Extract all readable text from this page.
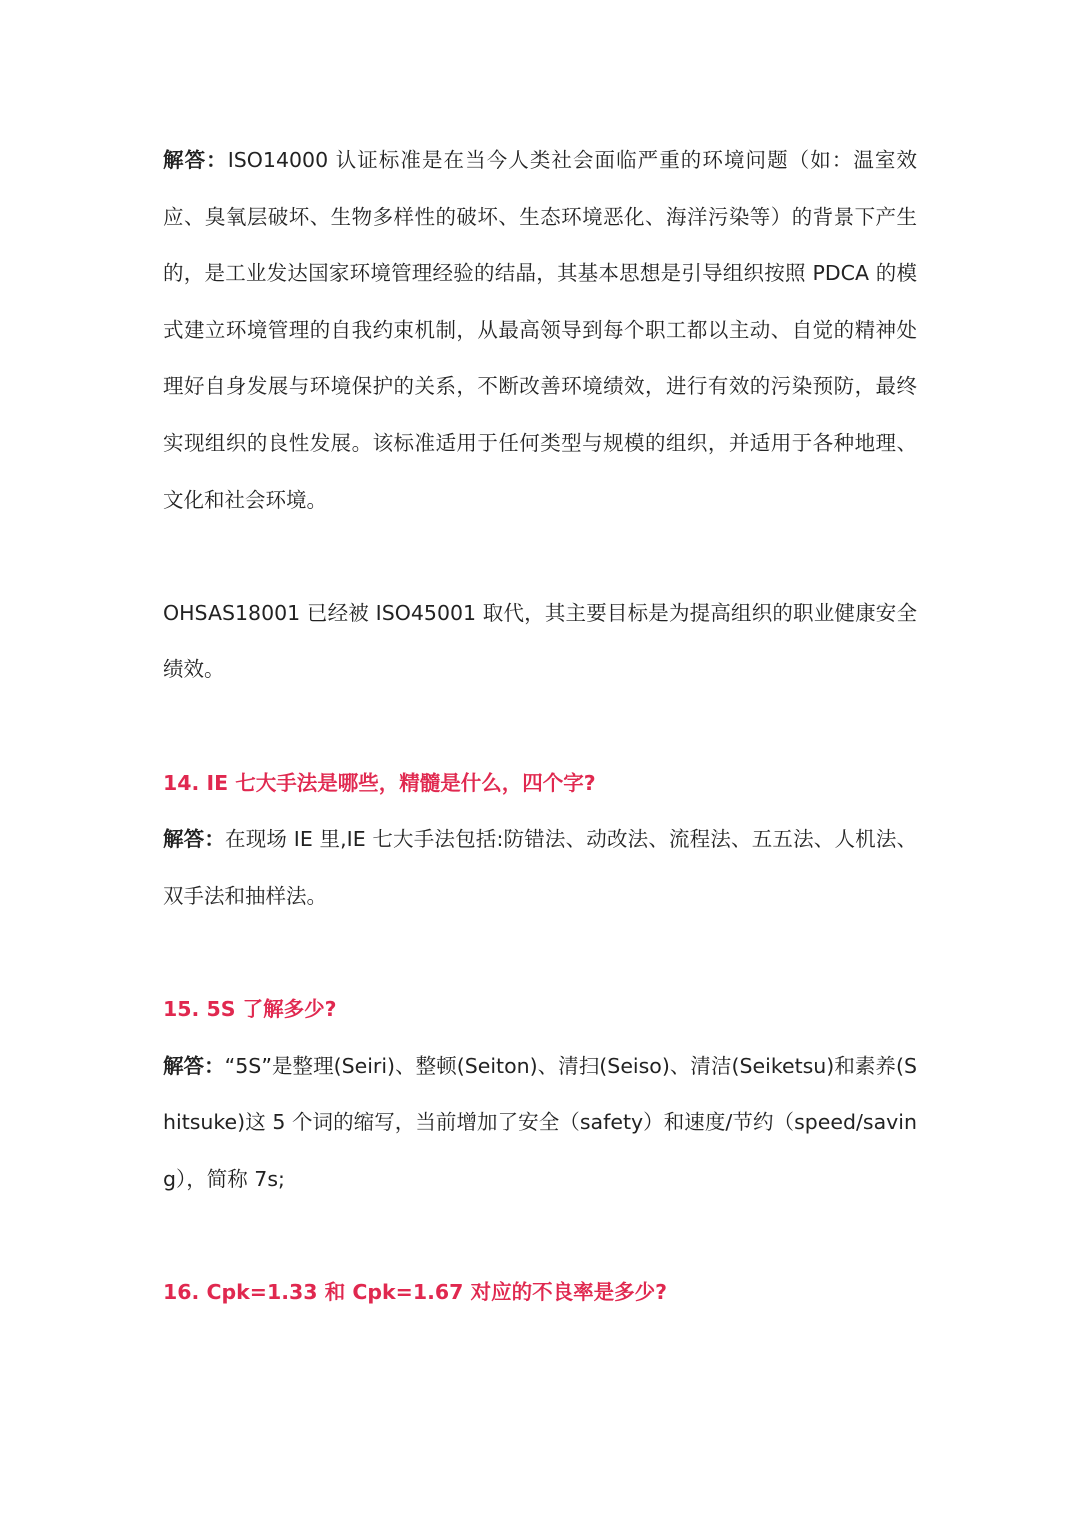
解答：ISO14000 认证标准是在当今人类社会面临严重的环境问题（如：温室效应、臭氧层破坏、生物多样性的破坏、生态环境恶化、海洋污染等）的背景下产生的，是工业发达国家环境管理经验的结晶，其基本思想是引导组织按照 PDCA 的模式建立环境管理的自我约束机制，从最高领导到每个职工都以主动、自觉的精神处理好自身发展与环境保护的关系，不断改善环境绩效，进行有效的污染预防，最终实现组织的良性发展。该标准适用于任何类型与规模的组织，并适用于各种地理、文化和社会环境。

OHSAS18001 已经被 ISO45001 取代，其主要目标是为提高组织的职业健康安全绩效。

14. IE 七大手法是哪些，精髓是什么，四个字?

解答：在现场 IE 里,IE 七大手法包括:防错法、动改法、流程法、五五法、人机法、双手法和抽样法。

15. 5S 了解多少?

解答：“5S”是整理(Seiri)、整顿(Seiton)、清扫(Seiso)、清洁(Seiketsu)和素养(Shitsuke)这 5 个词的缩写，当前增加了安全（safety）和速度/节约（speed/saving），简称 7s;

16. Cpk=1.33 和 Cpk=1.67 对应的不良率是多少?
